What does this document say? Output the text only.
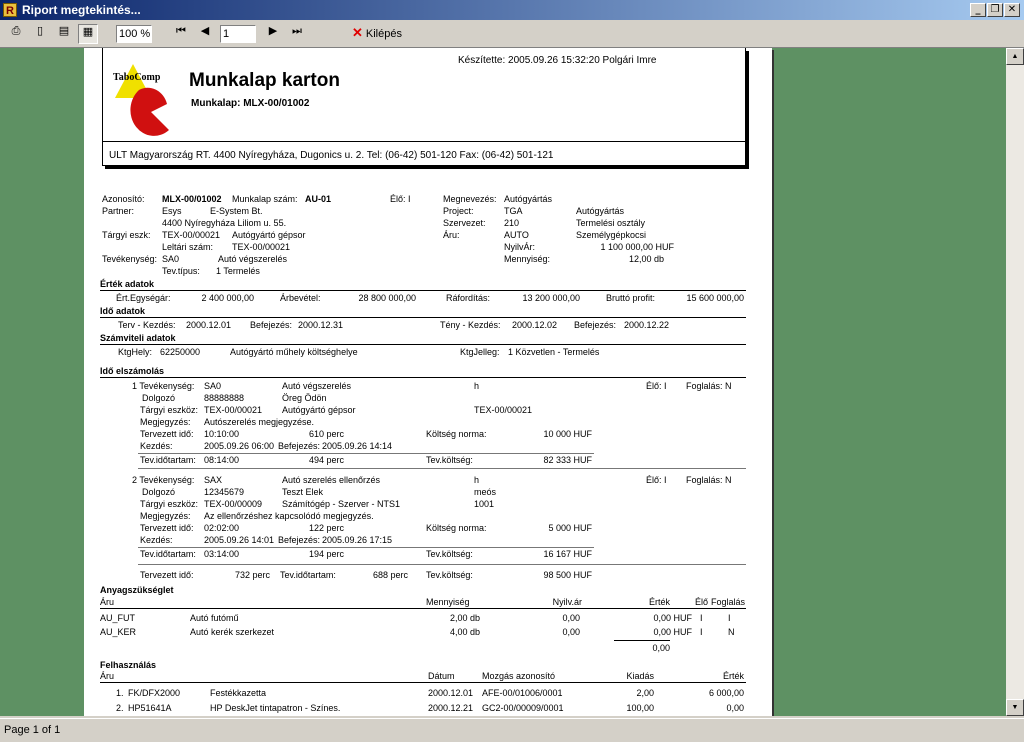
R Riport megtekintés...	_	❐ ✕
⎙	▯	▤	▦	100 %	⏮	◀	1	▶	⏭	✕ Kilépés
Készítette: 2005.09.26 15:32:20 Polgári Imre
TaboComp Munkalap karton
Munkalap: MLX-00/01002
ULT Magyarország RT. 4400 Nyíregyháza, Dugonics u. 2. Tel: (06-42) 501-120 Fax: (06-42) 501-121
Azonosító: MLX-00/01002 Munkalap szám: AU-01	Élő: I	Megnevezés: Autógyártás
Partner:	Esys	E-System Bt.
4400 Nyíregyháza Liliom u. 55.
Project:	TGA	Autógyártás
Szervezet: 210	Termelési osztály
Tárgyi eszk: TEX-00/00021 Autógyártó gépsor	Áru:	AUTO	Személygépkocsi
Leltári szám: TEX-00/00021	NyilvÁr:	1 100 000,00 HUF
Tevékenység: SA0	Autó végszerelés	Mennyiség:	12,00 db
Tev.típus: 1 Termelés
Érték adatok
Ért.Egységár:	2 400 000,00	Árbevétel:	28 800 000,00	Ráfordítás:	13 200 000,00	Bruttó profit:	15 600 000,00
Idő adatok
Terv - Kezdés: 2000.12.01 Befejezés: 2000.12.31	Tény - Kezdés: 2000.12.02 Befejezés: 2000.12.22
Számviteli adatok
KtgHely: 62250000	Autógyártó műhely költséghelye	KtgJelleg: 1 Közvetlen - Termelés
Idő elszámolás
1 Tevékenység: SA0	Autó végszerelés	h	Élő: I Foglalás: N
Dolgozó	88888888	Öreg Ödön
Tárgyi eszköz: TEX-00/00021 Autógyártó gépsor	TEX-00/00021
Megjegyzés: Autószerelés megjegyzése.
Tervezett idő: 10:10:00	610 perc	Költség norma:	10 000 HUF
Kezdés:	2005.09.26 06:00 Befejezés: 2005.09.26 14:14
Tev.időtartam: 08:14:00	494 perc	Tev.költség:	82 333 HUF
2 Tevékenység: SAX	Autó szerelés ellenőrzés	h	Élő: I Foglalás: N
Dolgozó	12345679	Teszt Elek	meós
Tárgyi eszköz: TEX-00/00009 Számítógép - Szerver - NTS1	1001
Megjegyzés: Az ellenőrzéshez kapcsolódó megjegyzés.
Tervezett idő: 02:02:00	122 perc	Költség norma:	5 000 HUF
Kezdés:	2005.09.26 14:01 Befejezés: 2005.09.26 17:15
Tev.időtartam: 03:14:00	194 perc	Tev.költség:	16 167 HUF
Tervezett idő:	732 perc Tev.időtartam:	688 perc Tev.költség:	98 500 HUF
Anyagszükséglet
Áru	Mennyiség	Nyilv.ár	Érték	Élő Foglalás
AU_FUT	Autó futómű	2,00 db	0,00	0,00 HUF I	I
AU_KER	Autó kerék szerkezet	4,00 db	0,00	0,00 HUF I	N
0,00
Felhasználás
Áru	Dátum	Mozgás azonosító	Kiadás	Érték
1. FK/DFX2000	Festékkazetta	2000.12.01 AFE-00/01006/0001	2,00	6 000,00
2. HP51641A	HP DeskJet tintapatron - Színes.	2000.12.21 GC2-00/00009/0001	100,00	0,00
▲
▼
Page 1 of 1
